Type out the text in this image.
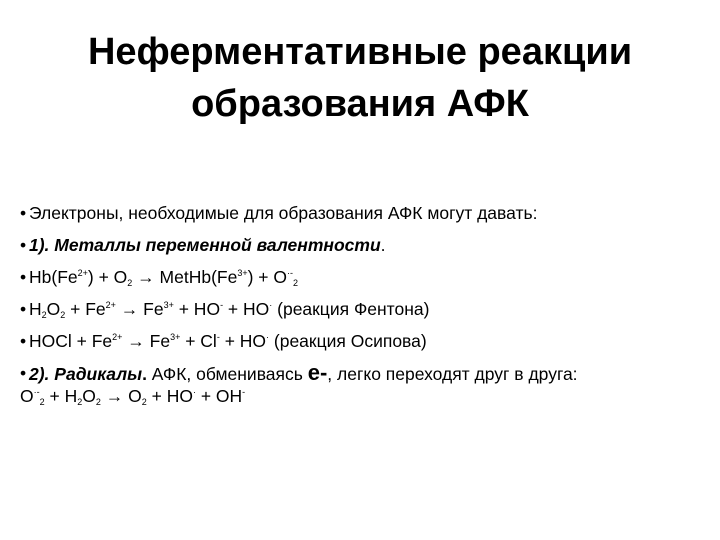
Неферментативные реакции
образования АФК
• Электроны, необходимые для образования АФК могут давать:
• 1). Металлы переменной валентности.
• $Hb(Fe^{2+}) + O_2$ → $MetHb(Fe^{3+}) + O^{\cdot-}_2$
• $H_2O_2 + Fe^{2+} \to Fe^{3+} + HO^- + HO^\cdot$ (реакция Фентона)
• HOCl + $Fe^{2+} \to Fe^{3+} + Cl^- + HO^\cdot$ (реакция Осипова)
• 2). Радикалы. АФК, обмениваясь е-, легко переходят друг в друга:
$O^{\cdot-}_2 + H_2O_2 \to O_2 + HO^\cdot + OH^-$
